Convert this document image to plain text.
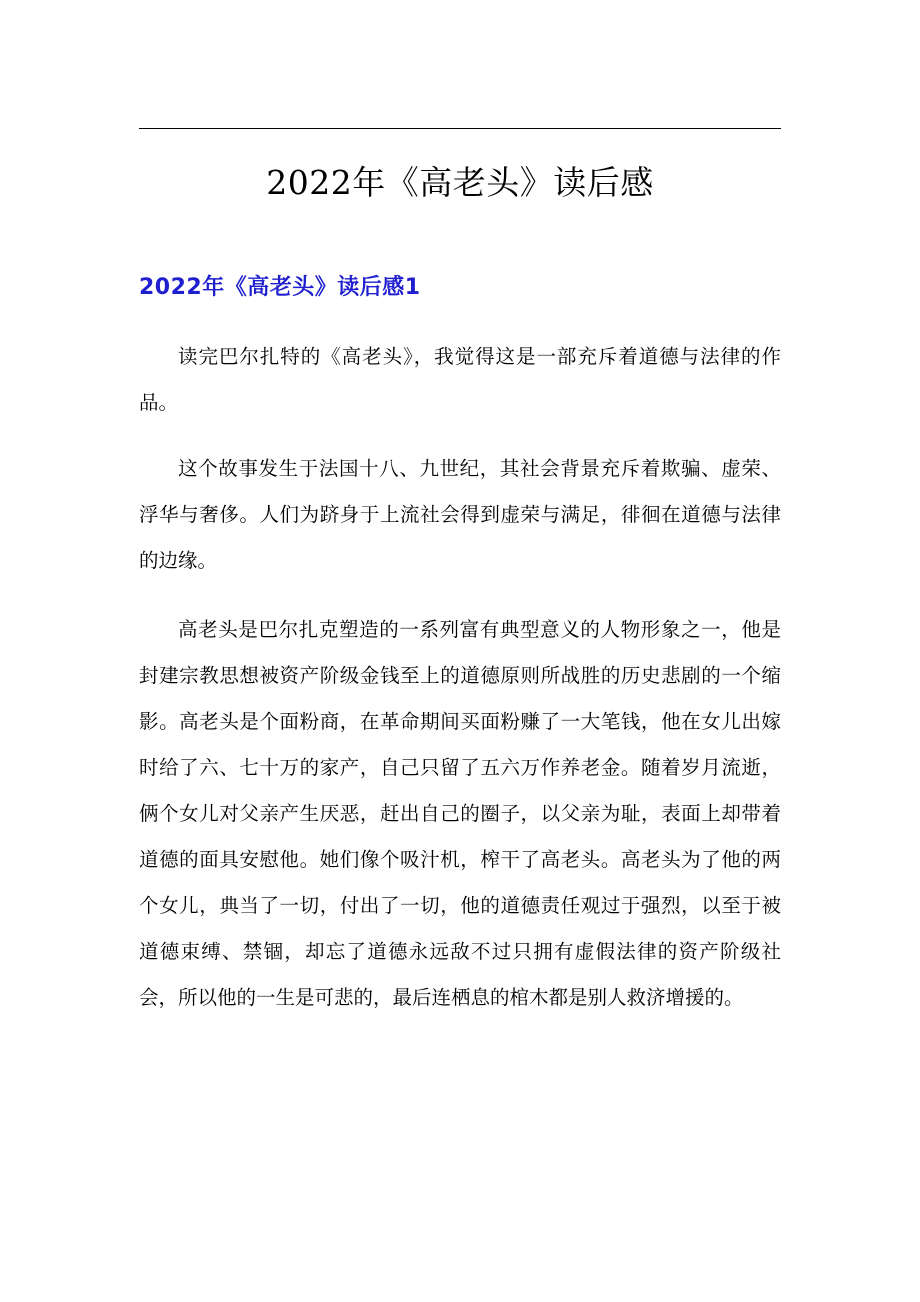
2022年《高老头》读后感
2022年《高老头》读后感1

读完巴尔扎特的《高老头》，我觉得这是一部充斥着道德与法律的作品。

这个故事发生于法国十八、九世纪，其社会背景充斥着欺骗、虚荣、浮华与奢侈。人们为跻身于上流社会得到虚荣与满足，徘徊在道德与法律的边缘。

高老头是巴尔扎克塑造的一系列富有典型意义的人物形象之一，他是封建宗教思想被资产阶级金钱至上的道德原则所战胜的历史悲剧的一个缩影。高老头是个面粉商，在革命期间买面粉赚了一大笔钱，他在女儿出嫁时给了六、七十万的家产，自己只留了五六万作养老金。随着岁月流逝，俩个女儿对父亲产生厌恶，赶出自己的圈子，以父亲为耻，表面上却带着道德的面具安慰他。她们像个吸汁机，榨干了高老头。高老头为了他的两个女儿，典当了一切，付出了一切，他的道德责任观过于强烈，以至于被道德束缚、禁锢，却忘了道德永远敌不过只拥有虚假法律的资产阶级社会，所以他的一生是可悲的，最后连栖息的棺木都是别人救济增援的。
